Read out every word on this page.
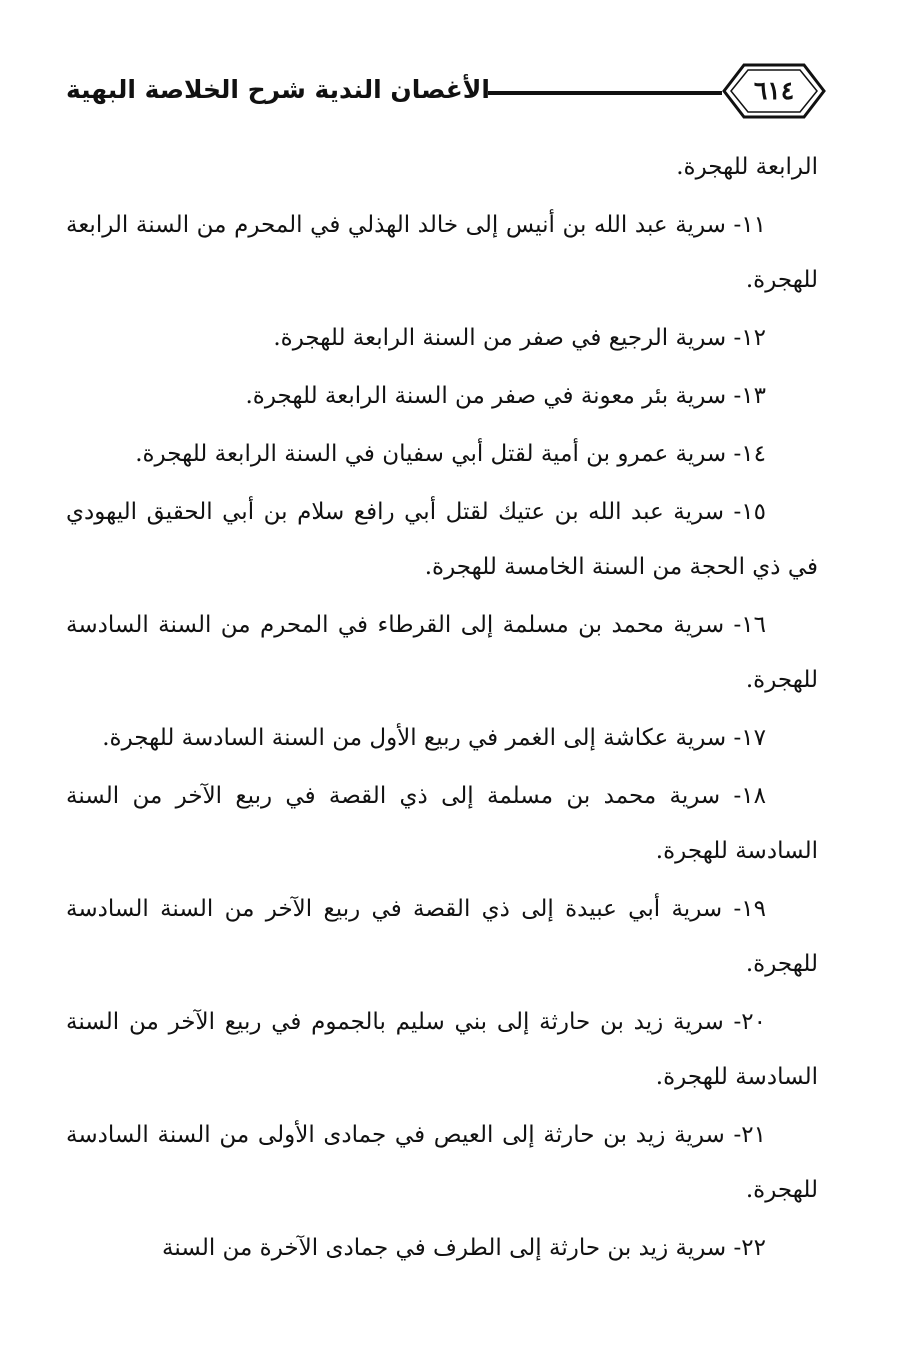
الأغصان الندية شرح الخلاصة البهية	٦١٤

الرابعة للهجرة.

١١- سرية عبد الله بن أنيس إلى خالد الهذلي في المحرم من السنة الرابعة للهجرة.

١٢- سرية الرجيع في صفر من السنة الرابعة للهجرة.

١٣- سرية بئر معونة في صفر من السنة الرابعة للهجرة.

١٤- سرية عمرو بن أمية لقتل أبي سفيان في السنة الرابعة للهجرة.

١٥- سرية عبد الله بن عتيك لقتل أبي رافع سلام بن أبي الحقيق اليهودي في ذي الحجة من السنة الخامسة للهجرة.

١٦- سرية محمد بن مسلمة إلى القرطاء في المحرم من السنة السادسة للهجرة.

١٧- سرية عكاشة إلى الغمر في ربيع الأول من السنة السادسة للهجرة.

١٨- سرية محمد بن مسلمة إلى ذي القصة في ربيع الآخر من السنة السادسة للهجرة.

١٩- سرية أبي عبيدة إلى ذي القصة في ربيع الآخر من السنة السادسة للهجرة.

٢٠- سرية زيد بن حارثة إلى بني سليم بالجموم في ربيع الآخر من السنة السادسة للهجرة.

٢١- سرية زيد بن حارثة إلى العيص في جمادى الأولى من السنة السادسة للهجرة.

٢٢- سرية زيد بن حارثة إلى الطرف في جمادى الآخرة من السنة
